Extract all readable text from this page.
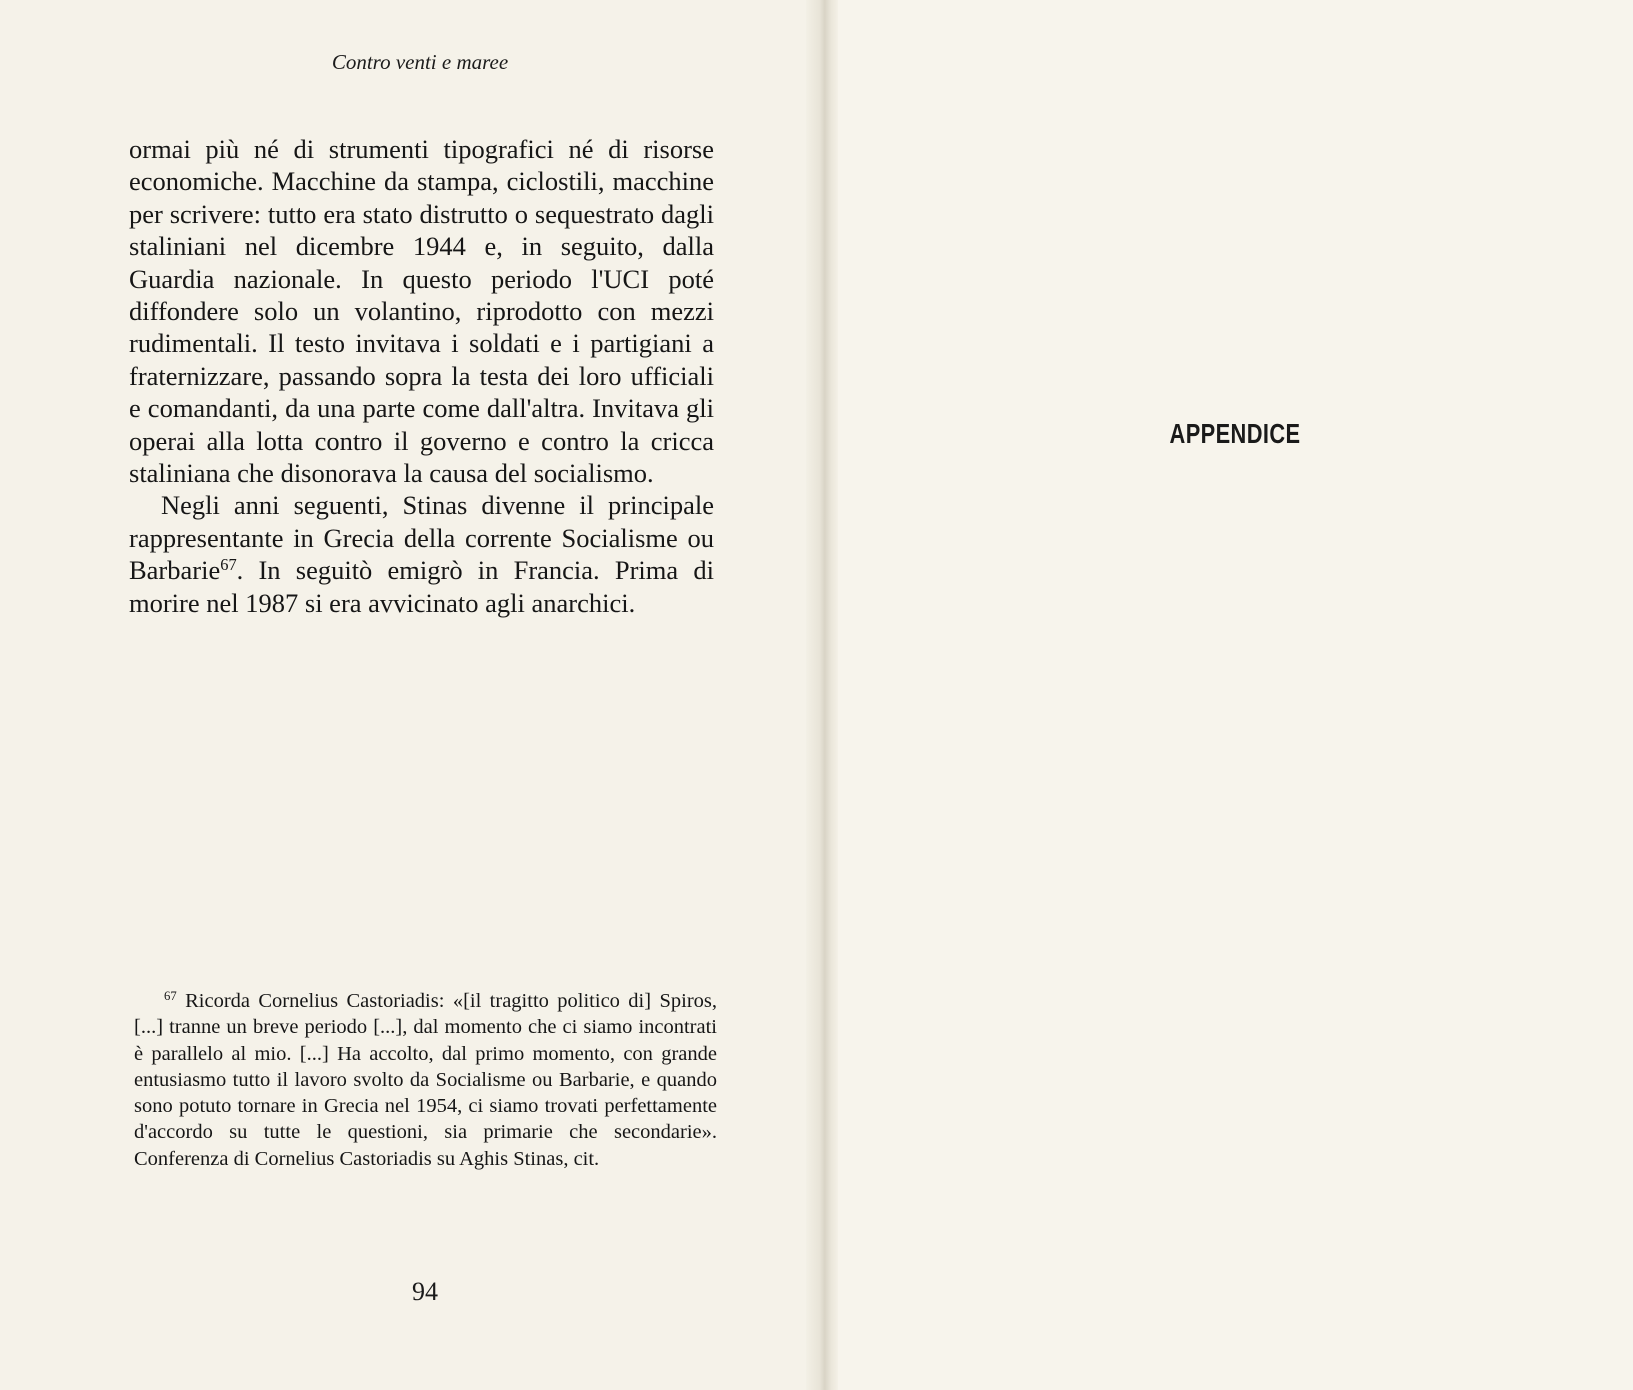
Contro venti e maree

ormai più né di strumenti tipografici né di risorse economiche. Macchine da stampa, ciclostili, macchine per scrivere: tutto era stato distrutto o sequestrato dagli staliniani nel dicembre 1944 e, in seguito, dalla Guardia nazionale. In questo periodo l'UCI poté diffondere solo un volantino, riprodotto con mezzi rudimentali. Il testo invitava i soldati e i partigiani a fraternizzare, passando sopra la testa dei loro ufficiali e comandanti, da una parte come dall'altra. Invitava gli operai alla lotta contro il governo e contro la cricca staliniana che disonorava la causa del socialismo.

Negli anni seguenti, Stinas divenne il principale rappresentante in Grecia della corrente Socialisme ou Barbarie$^{67}$. In seguitò emigrò in Francia. Prima di morire nel 1987 si era avvicinato agli anarchici.

$^{67}$ Ricorda Cornelius Castoriadis: «[il tragitto politico di] Spiros, [...] tranne un breve periodo [...], dal momento che ci siamo incontrati è parallelo al mio. [...] Ha accolto, dal primo momento, con grande entusiasmo tutto il lavoro svolto da Socialisme ou Barbarie, e quando sono potuto tornare in Grecia nel 1954, ci siamo trovati perfettamente d'accordo su tutte le questioni, sia primarie che secondarie». Conferenza di Cornelius Castoriadis su Aghis Stinas, cit.

94
APPENDICE
